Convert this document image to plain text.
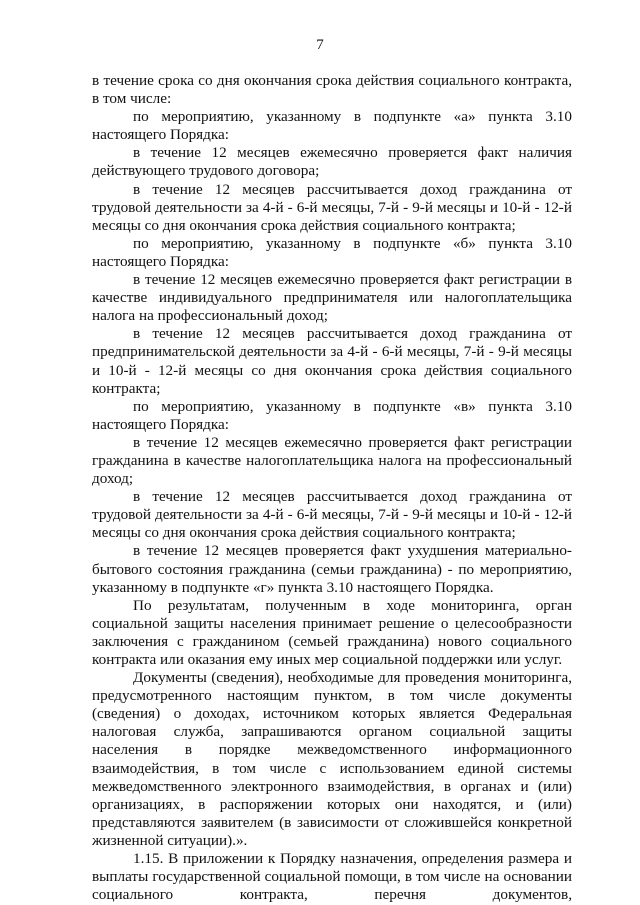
7

в течение срока со дня окончания срока действия социального контракта, в том числе:

по мероприятию, указанному в подпункте «а» пункта 3.10 настоящего Порядка:

в течение 12 месяцев ежемесячно проверяется факт наличия действующего трудового договора;

в течение 12 месяцев рассчитывается доход гражданина от трудовой деятельности за 4-й - 6-й месяцы, 7-й - 9-й месяцы и 10-й - 12-й месяцы со дня окончания срока действия социального контракта;

по мероприятию, указанному в подпункте «б» пункта 3.10 настоящего Порядка:

в течение 12 месяцев ежемесячно проверяется факт регистрации в качестве индивидуального предпринимателя или налогоплательщика налога на профессиональный доход;

в течение 12 месяцев рассчитывается доход гражданина от предпринимательской деятельности за 4-й - 6-й месяцы, 7-й - 9-й месяцы и 10-й - 12-й месяцы со дня окончания срока действия социального контракта;

по мероприятию, указанному в подпункте «в» пункта 3.10 настоящего Порядка:

в течение 12 месяцев ежемесячно проверяется факт регистрации гражданина в качестве налогоплательщика налога на профессиональный доход;

в течение 12 месяцев рассчитывается доход гражданина от трудовой деятельности за 4-й - 6-й месяцы, 7-й - 9-й месяцы и 10-й - 12-й месяцы со дня окончания срока действия социального контракта;

в течение 12 месяцев проверяется факт ухудшения материально-бытового состояния гражданина (семьи гражданина) - по мероприятию, указанному в подпункте «г» пункта 3.10 настоящего Порядка.

По результатам, полученным в ходе мониторинга, орган социальной защиты населения принимает решение о целесообразности заключения с гражданином (семьей гражданина) нового социального контракта или оказания ему иных мер социальной поддержки или услуг.

Документы (сведения), необходимые для проведения мониторинга, предусмотренного настоящим пунктом, в том числе документы (сведения) о доходах, источником которых является Федеральная налоговая служба, запрашиваются органом социальной защиты населения в порядке межведомственного информационного взаимодействия, в том числе с использованием единой системы межведомственного электронного взаимодействия, в органах и (или) организациях, в распоряжении которых они находятся, и (или) представляются заявителем (в зависимости от сложившейся конкретной жизненной ситуации).».

1.15. В приложении к Порядку назначения, определения размера и выплаты государственной социальной помощи, в том числе на основании социального контракта, перечня документов,
